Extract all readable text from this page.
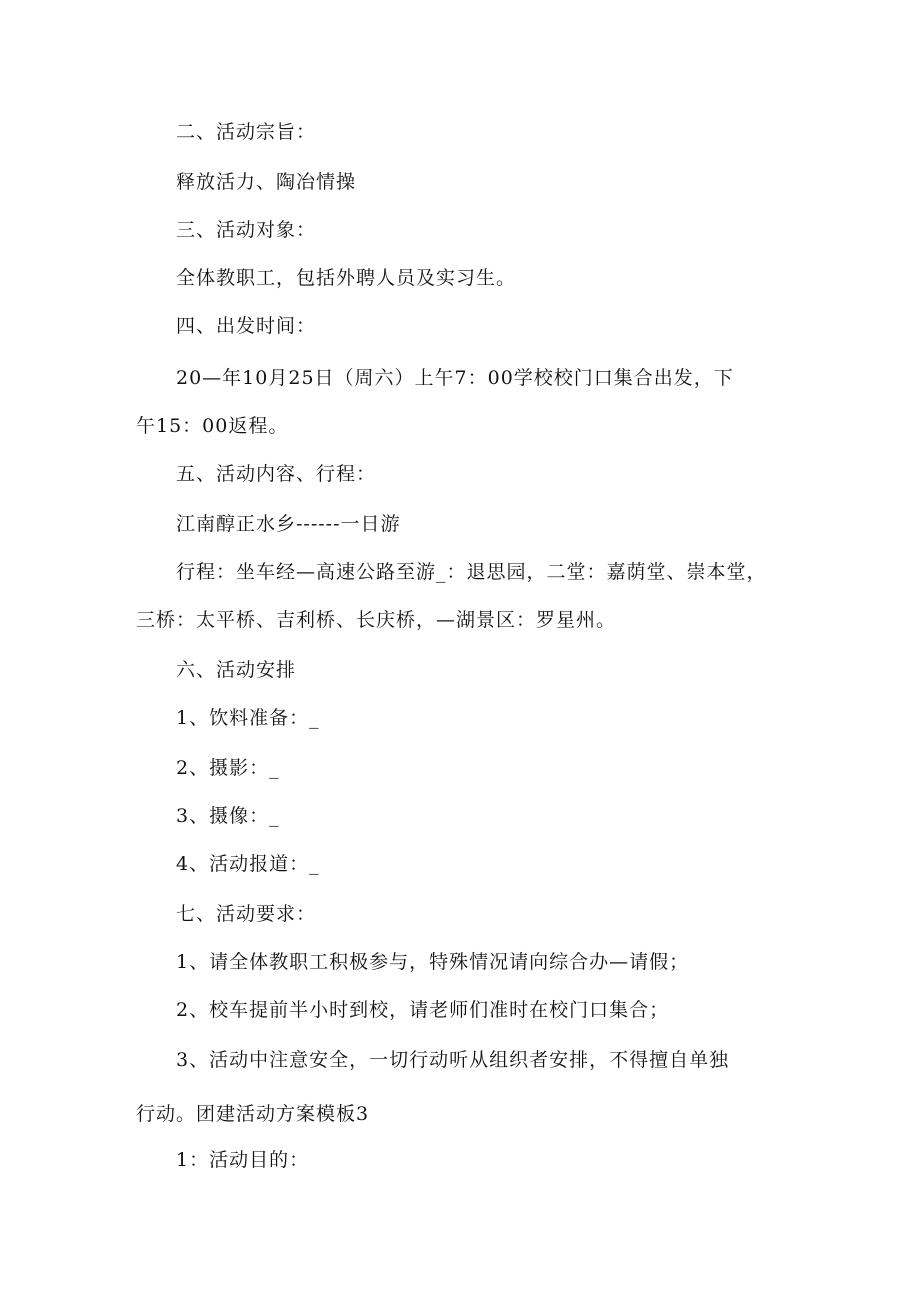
二、活动宗旨：
释放活力、陶冶情操
三、活动对象：
全体教职工，包括外聘人员及实习生。
四、出发时间：
20—年10月25日（周六）上午7：00学校校门口集合出发，下
午15：00返程。
五、活动内容、行程：
江南醇正水乡------一日游
行程：坐车经—高速公路至游_：退思园，二堂：嘉荫堂、崇本堂，
三桥：太平桥、吉利桥、长庆桥，—湖景区：罗星州。
六、活动安排
1、饮料准备：_
2、摄影：_
3、摄像：_
4、活动报道：_
七、活动要求：
1、请全体教职工积极参与，特殊情况请向综合办—请假；
2、校车提前半小时到校，请老师们准时在校门口集合；
3、活动中注意安全，一切行动听从组织者安排，不得擅自单独
行动。团建活动方案模板3
1：活动目的：
